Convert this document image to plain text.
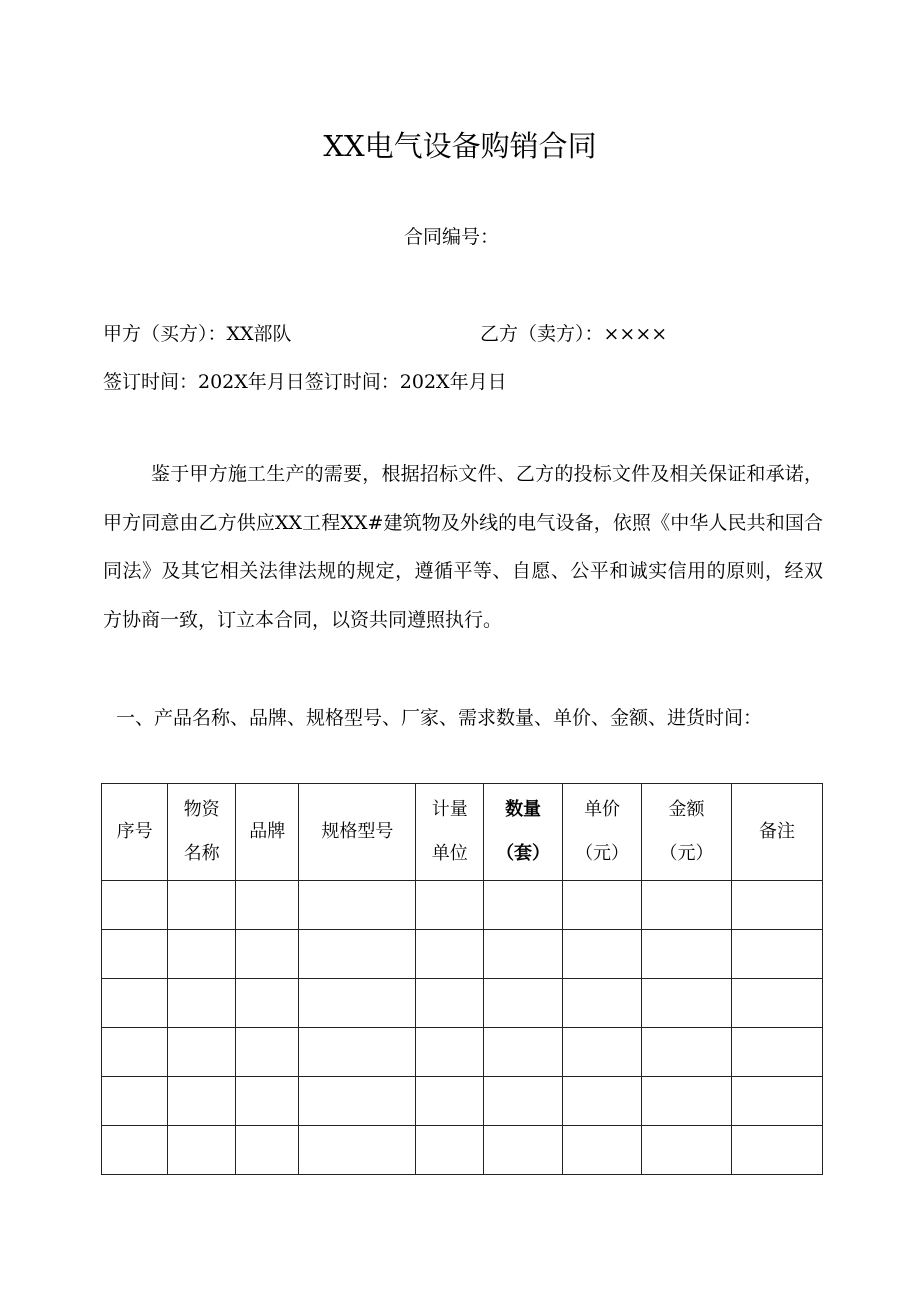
XX电气设备购销合同
合同编号：
甲方（买方）：XX部队	乙方（卖方）：××××
签订时间：202X年月日签订时间：202X年月日
鉴于甲方施工生产的需要，根据招标文件、乙方的投标文件及相关保证和承诺，甲方同意由乙方供应XX工程XX#建筑物及外线的电气设备，依照《中华人民共和国合同法》及其它相关法律法规的规定，遵循平等、自愿、公平和诚实信用的原则，经双方协商一致，订立本合同，以资共同遵照执行。
一、产品名称、品牌、规格型号、厂家、需求数量、单价、金额、进货时间：
序号	物资名称	品牌	规格型号	计量单位	数量（套）	单价（元）	金额（元）	备注
